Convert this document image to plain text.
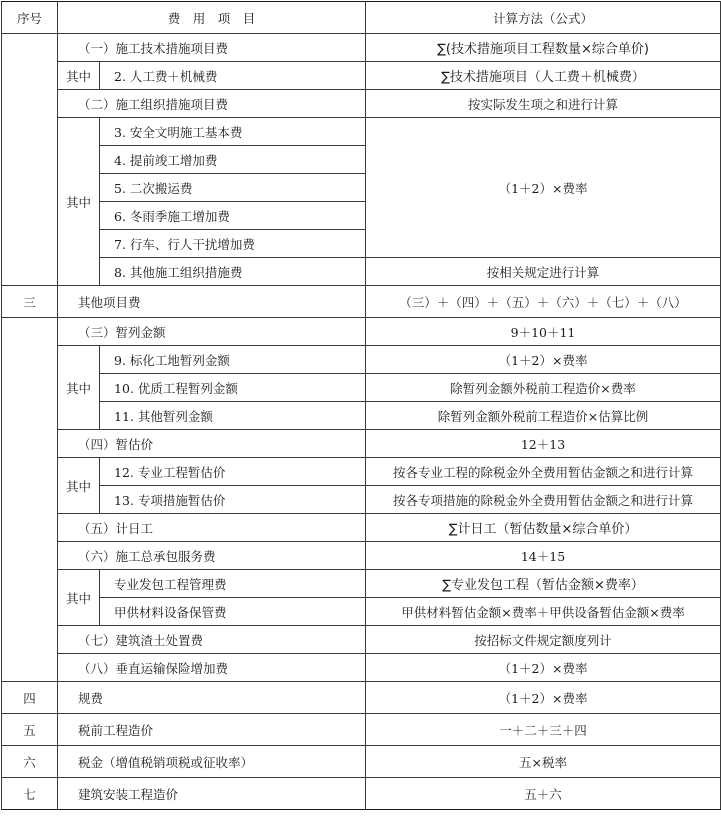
序号	费　用　项　目		计算方法（公式）
	（一）施工技术措施项目费		∑(技术措施项目工程数量×综合单价)
	其中	2. 人工费＋机械费	∑技术措施项目（人工费＋机械费）
	（二）施工组织措施项目费		按实际发生项之和进行计算
	其中	3. 安全文明施工基本费	（1＋2）×费率
		4. 提前竣工增加费	
		5. 二次搬运费	
		6. 冬雨季施工增加费	
		7. 行车、行人干扰增加费	
		8. 其他施工组织措施费	按相关规定进行计算
三	其他项目费		（三）＋（四）＋（五）＋（六）＋（七）＋（八）
	（三）暂列金额		9＋10＋11
	其中	9. 标化工地暂列金额	（1＋2）×费率
		10. 优质工程暂列金额	除暂列金额外税前工程造价×费率
		11. 其他暂列金额	除暂列金额外税前工程造价×估算比例
	（四）暂估价		12＋13
	其中	12. 专业工程暂估价	按各专业工程的除税金外全费用暂估金额之和进行计算
		13. 专项措施暂估价	按各专项措施的除税金外全费用暂估金额之和进行计算
	（五）计日工		∑计日工（暂估数量×综合单价）
	（六）施工总承包服务费		14＋15
	其中	专业发包工程管理费	∑专业发包工程（暂估金额×费率）
		甲供材料设备保管费	甲供材料暂估金额×费率＋甲供设备暂估金额×费率
	（七）建筑渣土处置费		按招标文件规定额度列计
	（八）垂直运输保险增加费		（1＋2）×费率
四	规费		（1＋2）×费率
五	税前工程造价		一＋二＋三＋四
六	税金（增值税销项税或征收率）		五×税率
七	建筑安装工程造价		五＋六
